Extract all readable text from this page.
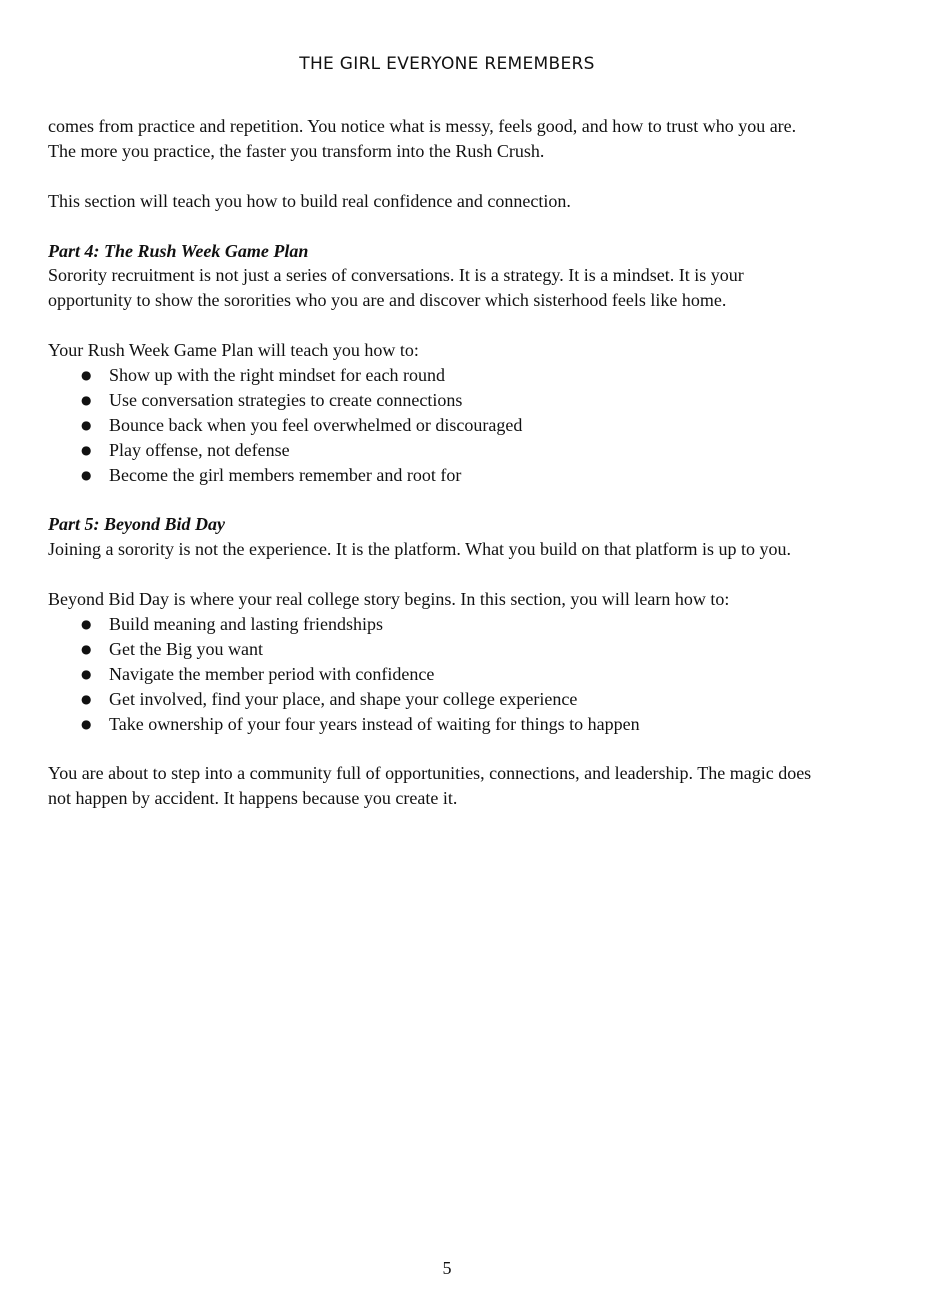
THE GIRL EVERYONE REMEMBERS

comes from practice and repetition. You notice what is messy, feels good, and how to trust who you are.

The more you practice, the faster you transform into the Rush Crush.

This section will teach you how to build real confidence and connection.

Part 4: The Rush Week Game Plan

Sorority recruitment is not just a series of conversations. It is a strategy. It is a mindset. It is your

opportunity to show the sororities who you are and discover which sisterhood feels like home.

Your Rush Week Game Plan will teach you how to:

● Show up with the right mindset for each round
● Use conversation strategies to create connections
● Bounce back when you feel overwhelmed or discouraged
● Play offense, not defense
● Become the girl members remember and root for

Part 5: Beyond Bid Day

Joining a sorority is not the experience. It is the platform. What you build on that platform is up to you.

Beyond Bid Day is where your real college story begins. In this section, you will learn how to:

● Build meaning and lasting friendships
● Get the Big you want
● Navigate the member period with confidence
● Get involved, find your place, and shape your college experience
● Take ownership of your four years instead of waiting for things to happen

You are about to step into a community full of opportunities, connections, and leadership. The magic does

not happen by accident. It happens because you create it.

5
